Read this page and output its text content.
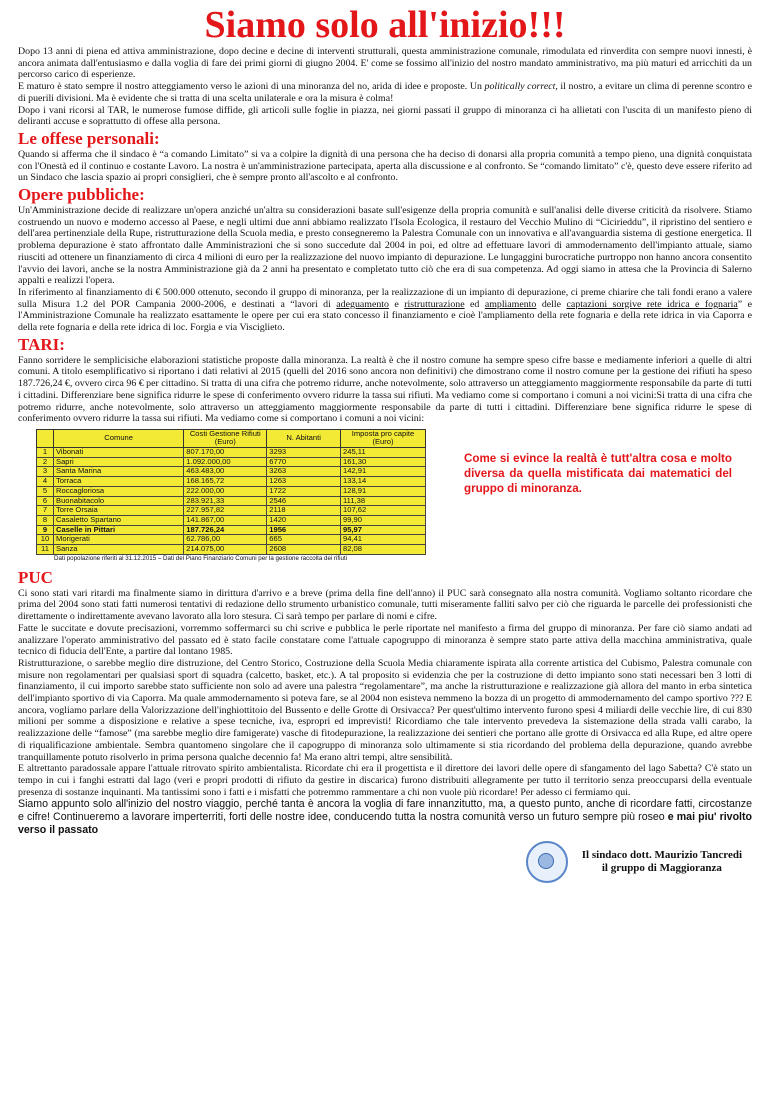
Siamo solo all'inizio!!!

Dopo 13 anni di piena ed attiva amministrazione, dopo decine e decine di interventi strutturali, questa amministrazione comunale, rimodulata ed rinverdita con sempre nuovi innesti, è ancora animata dall'entusiasmo e dalla voglia di fare dei primi giorni di giugno 2004. E' come se fossimo all'inizio del nostro mandato amministrativo, ma più maturi ed arricchiti da un percorso carico di esperienze.

E maturo è stato sempre il nostro atteggiamento verso le azioni di una minoranza del no, arida di idee e proposte. Un politically correct, il nostro, a evitare un clima di perenne scontro e di puerili divisioni. Ma è evidente che si tratta di una scelta unilaterale e ora la misura è colma!

Dopo i vani ricorsi al TAR, le numerose fumose diffide, gli articoli sulle foglie in piazza, nei giorni passati il gruppo di minoranza ci ha allietati con l'uscita di un manifesto pieno di deliranti accuse e soprattutto di offese alla persona.

Le offese personali:

Quando si afferma che il sindaco è “a comando Limitato” si va a colpire la dignità di una persona che ha deciso di donarsi alla propria comunità a tempo pieno, una dignità conquistata con l'Onestà ed il continuo e costante Lavoro. La nostra è un'amministrazione partecipata, aperta alla discussione e al confronto. Se “comando limitato” c'è, questo deve essere riferito ad un Sindaco che lascia spazio ai propri consiglieri, che è sempre pronto all'ascolto e al confronto.

Opere pubbliche:

Un'Amministrazione decide di realizzare un'opera anziché un'altra su considerazioni basate sull'esigenze della propria comunità e sull'analisi delle diverse criticità da risolvere. Stiamo costruendo un nuovo e moderno accesso al Paese, e negli ultimi due anni abbiamo realizzato l'Isola Ecologica, il restauro del Vecchio Mulino di “Cicirieddu”, il ripristino del sentiero e dell'area pertinenziale della Rupe, ristrutturazione della Scuola media, e presto consegneremo la Palestra Comunale con un innovativa e all'avanguardia sistema di gestione energetica. Il problema depurazione è stato affrontato dalle Amministrazioni che si sono succedute dal 2004 in poi, ed oltre ad effettuare lavori di ammodernamento dell'impianto attuale, siamo riusciti ad ottenere un finanziamento di circa 4 milioni di euro per la realizzazione del nuovo impianto di depurazione. Le lungaggini burocratiche purtroppo non hanno ancora consentito l'avvio dei lavori, anche se la nostra Amministrazione già da 2 anni ha presentato e completato tutto ciò che era di sua competenza. Ad oggi siamo in attesa che la Provincia di Salerno appalti e realizzi l'opera.

In riferimento al finanziamento di € 500.000 ottenuto, secondo il gruppo di minoranza, per la realizzazione di un impianto di depurazione, ci preme chiarire che tali fondi erano a valere sulla Misura 1.2 del POR Campania 2000-2006, e destinati a “lavori di adeguamento e ristrutturazione ed ampliamento delle captazioni sorgive rete idrica e fognaria” e l'Amministrazione Comunale ha realizzato esattamente le opere per cui era stato concesso il finanziamento e cioè l'ampliamento della rete fognaria e della rete idrica in via Caporra e della rete fognaria e della rete idrica di loc. Forgia e via Visciglieto.

TARI:

Fanno sorridere le semplicisiche elaborazioni statistiche proposte dalla minoranza. La realtà è che il nostro comune ha sempre speso cifre basse e mediamente inferiori a quelle di altri comuni. A titolo esemplificativo si riportano i dati relativi al 2015 (quelli del 2016 sono ancora non definitivi) che dimostrano come il nostro comune per la gestione dei rifiuti ha speso 187.726,24 €, ovvero circa 96 € per cittadino. Si tratta di una cifra che potremo ridurre, anche notevolmente, solo attraverso un atteggiamento maggiormente responsabile da parte di tutti i cittadini. Differenziare bene significa ridurre le spese di conferimento ovvero ridurre la tassa sui rifiuti. Ma vediamo come si comportano i comuni a noi vicini:Si tratta di una cifra che potremo ridurre, anche notevolmente, solo attraverso un atteggiamento maggiormente responsabile da parte di tutti i cittadini. Differenziare bene significa ridurre le spese di conferimento ovvero ridurre la tassa sui rifiuti. Ma vediamo come si comportano i comuni a noi vicini:

	Comune	Costi Gestione Rifiuti (Euro)	N. Abitanti	Imposta pro capite (Euro)
1	Vibonati	807.170,00	3293	245,11
2	Sapri	1.092.000,00	6770	161,30
3	Santa Marina	463.483,00	3263	142,91
4	Torraca	168.165,72	1263	133,14
5	Roccagloriosa	222.000,00	1722	128,91
6	Buonabitacolo	283.921,33	2546	111,38
7	Torre Orsaia	227.957,82	2118	107,62
8	Casaletto Spartano	141.867,00	1420	99,90
9	Caselle in Pittari	187.726,24	1956	95,97
10	Morigerati	62.786,00	665	94,41
11	Sanza	214.075,00	2608	82,08
Dati popolazione riferiti al 31.12.2015 – Dati del Piano Finanziario Comuni per la gestione raccolta dei rifiuti
Come si evince la realtà è tutt'altra cosa e molto diversa da quella mistificata dai matematici del gruppo di minoranza.
PUC

Ci sono stati vari ritardi ma finalmente siamo in dirittura d'arrivo e a breve (prima della fine dell'anno) il PUC sarà consegnato alla nostra comunità. Vogliamo soltanto ricordare che prima del 2004 sono stati fatti numerosi tentativi di redazione dello strumento urbanistico comunale, tutti miseramente falliti salvo per ciò che riguarda le parcelle dei professionisti che direttamente o indirettamente avevano lavorato alla loro stesura. Ci sarà tempo per parlare di nomi e cifre.

Fatte le succitate e dovute precisazioni, vorremmo soffermarci su chi scrive e pubblica le perle riportate nel manifesto a firma del gruppo di minoranza. Per fare ciò siamo andati ad analizzare l'operato amministrativo del passato ed è stato facile constatare come l'attuale capogruppo di minoranza è sempre stato parte attiva della macchina amministrativa, quale tecnico di fiducia dell'Ente, a partire dal lontano 1985.

Ristrutturazione, o sarebbe meglio dire distruzione, del Centro Storico, Costruzione della Scuola Media chiaramente ispirata alla corrente artistica del Cubismo, Palestra comunale con misure non regolamentari per qualsiasi sport di squadra (calcetto, basket, etc.). A tal proposito si evidenzia che per la costruzione di detto impianto sono stati necessari ben 3 lotti di finanziamento, il cui importo sarebbe stato sufficiente non solo ad avere una palestra “regolamentare”, ma anche la ristrutturazione e realizzazione già allora del manto in erba sintetica dell'impianto sportivo di via Caporra. Ma quale ammodernamento si poteva fare, se al 2004 non esisteva nemmeno la bozza di un progetto di ammodernamento del campo sportivo ??? E ancora, vogliamo parlare della Valorizzazione dell'inghiottitoio del Bussento e delle Grotte di Orsivacca? Per quest'ultimo intervento furono spesi 4 miliardi delle vecchie lire, di cui 830 milioni per somme a disposizione e relative a spese tecniche, iva, espropri ed imprevisti! Ricordiamo che tale intervento prevedeva la sistemazione della strada valli carabo, la realizzazione delle “famose” (ma sarebbe meglio dire famigerate) vasche di fitodepurazione, la realizzazione dei sentieri che portano alle grotte di Orsivacca ed alla Rupe, ed altre opere di riqualificazione ambientale. Sembra quantomeno singolare che il capogruppo di minoranza solo ultimamente si stia ricordando del problema della depurazione, quando avrebbe tranquillamente potuto risolverlo in prima persona qualche decennio fa! Ma erano altri tempi, altre sensibilità.

E altrettanto paradossale appare l'attuale ritrovato spirito ambientalista. Ricordate chi era il progettista e il direttore dei lavori delle opere di sfangamento del lago Sabetta? C'è stato un tempo in cui i fanghi estratti dal lago (veri e propri prodotti di rifiuto da gestire in discarica) furono distribuiti allegramente per tutto il territorio senza preoccuparsi della eventuale presenza di sostanze inquinanti. Ma tantissimi sono i fatti e i misfatti che potremmo rammentare a chi non vuole più ricordare! Per adesso ci fermiamo qui.

Siamo appunto solo all'inizio del nostro viaggio, perché tanta è ancora la voglia di fare innanzitutto, ma, a questo punto, anche di ricordare fatti, circostanze e cifre! Continueremo a lavorare imperterriti, forti delle nostre idee, conducendo tutta la nostra comunità verso un futuro sempre più roseo e mai piu' rivolto verso il passato

Il sindaco dott. Maurizio Tancredi
il gruppo di Maggioranza
